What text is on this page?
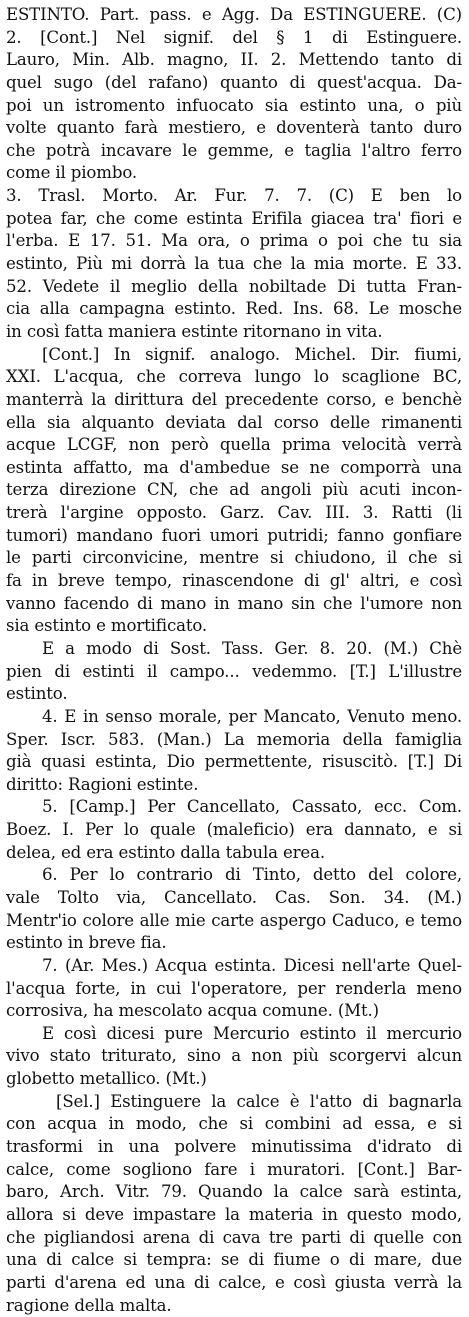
ESTINTO. Part. pass. e Agg. Da ESTINGUERE. (C)
2. [Cont.] Nel signif. del § 1 di Estinguere.
Lauro, Min. Alb. magno, II. 2. Mettendo tanto di
quel sugo (del rafano) quanto di quest'acqua. Da-
poi un istromento infuocato sia estinto una, o più
volte quanto farà mestiero, e doventerà tanto duro
che potrà incavare le gemme, e taglia l'altro ferro
come il piombo.
3. Trasl. Morto. Ar. Fur. 7. 7. (C) E ben lo
potea far, che come estinta Erifila giacea tra' fiori e
l'erba. E 17. 51. Ma ora, o prima o poi che tu sia
estinto, Più mi dorrà la tua che la mia morte. E 33.
52. Vedete il meglio della nobiltade Di tutta Fran-
cia alla campagna estinto. Red. Ins. 68. Le mosche
in così fatta maniera estinte ritornano in vita.
[Cont.] In signif. analogo. Michel. Dir. fiumi,
XXI. L'acqua, che correva lungo lo scaglione BC,
manterrà la dirittura del precedente corso, e benchè
ella sia alquanto deviata dal corso delle rimanenti
acque LCGF, non però quella prima velocità verrà
estinta affatto, ma d'ambedue se ne comporrà una
terza direzione CN, che ad angoli più acuti incon-
trerà l'argine opposto. Garz. Cav. III. 3. Ratti (li
tumori) mandano fuori umori putridi; fanno gonfiare
le parti circonvicine, mentre si chiudono, il che si
fa in breve tempo, rinascendone di gl' altri, e così
vanno facendo di mano in mano sin che l'umore non
sia estinto e mortificato.
E a modo di Sost. Tass. Ger. 8. 20. (M.) Chè
pien di estinti il campo... vedemmo. [T.] L'illustre
estinto.
4. E in senso morale, per Mancato, Venuto meno.
Sper. Iscr. 583. (Man.) La memoria della famiglia
già quasi estinta, Dio permettente, risuscitò. [T.] Di
diritto: Ragioni estinte.
5. [Camp.] Per Cancellato, Cassato, ecc. Com.
Boez. I. Per lo quale (maleficio) era dannato, e si
delea, ed era estinto dalla tabula erea.
6. Per lo contrario di Tinto, detto del colore,
vale Tolto via, Cancellato. Cas. Son. 34. (M.)
Mentr'io colore alle mie carte aspergo Caduco, e temo
estinto in breve fia.
7. (Ar. Mes.) Acqua estinta. Dicesi nell'arte Quel-
l'acqua forte, in cui l'operatore, per renderla meno
corrosiva, ha mescolato acqua comune. (Mt.)
E così dicesi pure Mercurio estinto il mercurio
vivo stato triturato, sino a non più scorgervi alcun
globetto metallico. (Mt.)
[Sel.] Estinguere la calce è l'atto di bagnarla
con acqua in modo, che si combini ad essa, e si
trasformi in una polvere minutissima d'idrato di
calce, come sogliono fare i muratori. [Cont.] Bar-
baro, Arch. Vitr. 79. Quando la calce sarà estinta,
allora si deve impastare la materia in questo modo,
che pigliandosi arena di cava tre parti di quelle con
una di calce si tempra: se di fiume o di mare, due
parti d'arena ed una di calce, e così giusta verrà la
ragione della malta.
